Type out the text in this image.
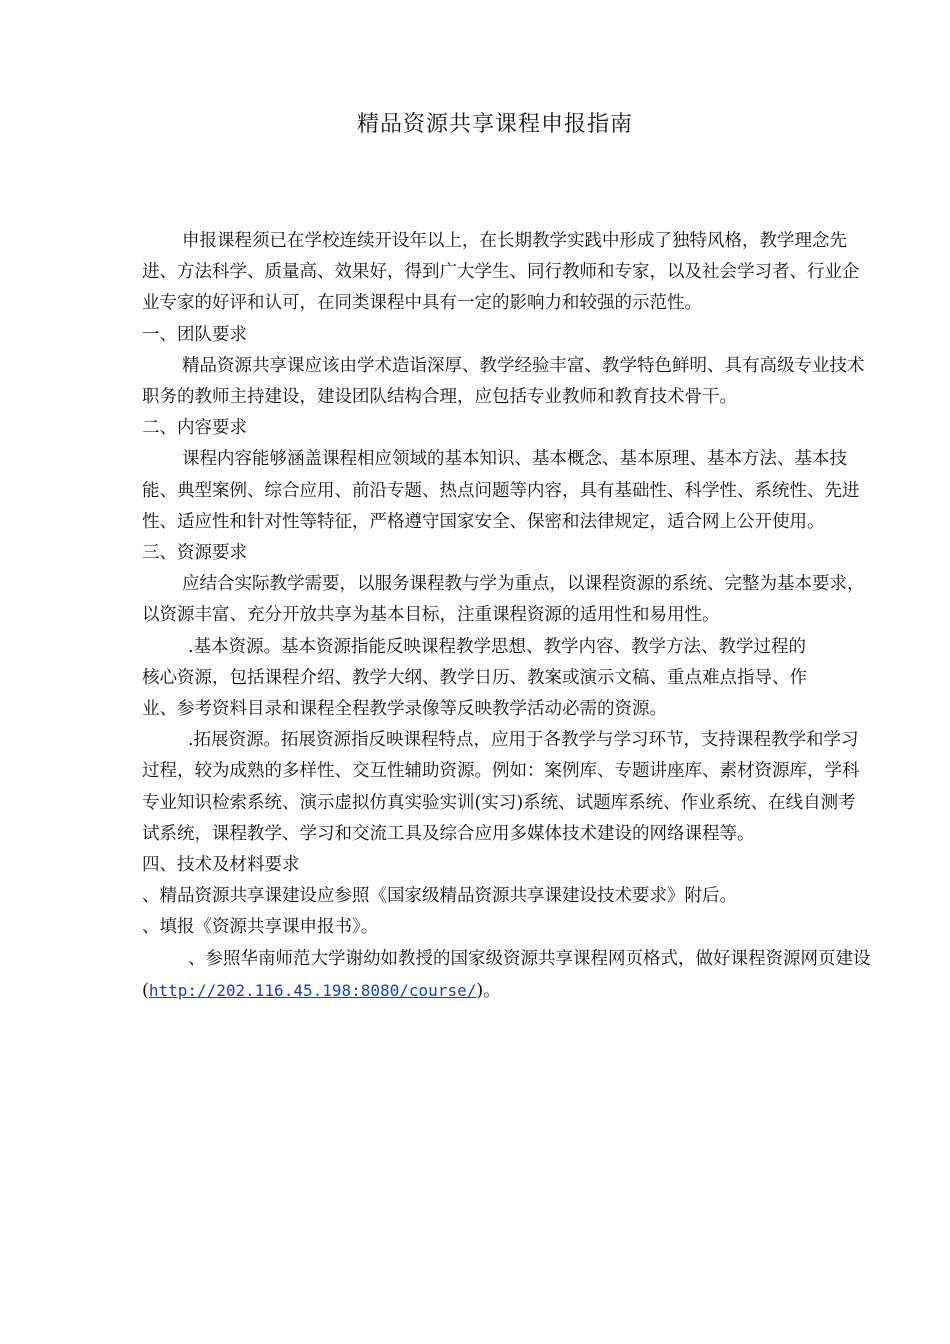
精品资源共享课程申报指南

申报课程须已在学校连续开设年以上，在长期教学实践中形成了独特风格，教学理念先进、方法科学、质量高、效果好，得到广大学生、同行教师和专家，以及社会学习者、行业企业专家的好评和认可，在同类课程中具有一定的影响力和较强的示范性。

一、团队要求

精品资源共享课应该由学术造诣深厚、教学经验丰富、教学特色鲜明、具有高级专业技术职务的教师主持建设，建设团队结构合理，应包括专业教师和教育技术骨干。

二、内容要求

课程内容能够涵盖课程相应领域的基本知识、基本概念、基本原理、基本方法、基本技能、典型案例、综合应用、前沿专题、热点问题等内容，具有基础性、科学性、系统性、先进性、适应性和针对性等特征，严格遵守国家安全、保密和法律规定，适合网上公开使用。

三、资源要求

应结合实际教学需要，以服务课程教与学为重点，以课程资源的系统、完整为基本要求，以资源丰富、充分开放共享为基本目标，注重课程资源的适用性和易用性。

.基本资源。基本资源指能反映课程教学思想、教学内容、教学方法、教学过程的核心资源，包括课程介绍、教学大纲、教学日历、教案或演示文稿、重点难点指导、作业、参考资料目录和课程全程教学录像等反映教学活动必需的资源。

.拓展资源。拓展资源指反映课程特点，应用于各教学与学习环节，支持课程教学和学习过程，较为成熟的多样性、交互性辅助资源。例如：案例库、专题讲座库、素材资源库，学科专业知识检索系统、演示虚拟仿真实验实训(实习)系统、试题库系统、作业系统、在线自测考试系统，课程教学、学习和交流工具及综合应用多媒体技术建设的网络课程等。

四、技术及材料要求

、精品资源共享课建设应参照《国家级精品资源共享课建设技术要求》附后。

、填报《资源共享课申报书》。

、参照华南师范大学谢幼如教授的国家级资源共享课程网页格式，做好课程资源网页建设(http://202.116.45.198:8080/course/)。
